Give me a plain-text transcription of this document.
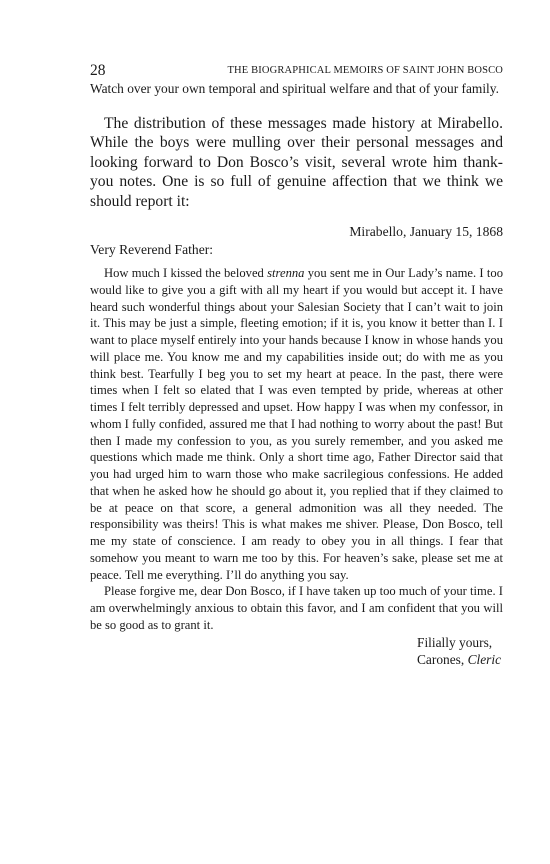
28	THE BIOGRAPHICAL MEMOIRS OF SAINT JOHN BOSCO

Watch over your own temporal and spiritual welfare and that of your family.

The distribution of these messages made history at Mirabello. While the boys were mulling over their personal messages and looking forward to Don Bosco’s visit, several wrote him thank-you notes. One is so full of genuine affection that we think we should report it:

Mirabello, January 15, 1868

Very Reverend Father:

How much I kissed the beloved strenna you sent me in Our Lady’s name. I too would like to give you a gift with all my heart if you would but accept it. I have heard such wonderful things about your Salesian Society that I can’t wait to join it. This may be just a simple, fleeting emotion; if it is, you know it better than I. I want to place myself entirely into your hands because I know in whose hands you will place me. You know me and my capabilities inside out; do with me as you think best. Tearfully I beg you to set my heart at peace. In the past, there were times when I felt so elated that I was even tempted by pride, whereas at other times I felt terribly depressed and upset. How happy I was when my confessor, in whom I fully confided, assured me that I had nothing to worry about the past! But then I made my confession to you, as you surely remember, and you asked me questions which made me think. Only a short time ago, Father Director said that you had urged him to warn those who make sacrilegious confessions. He added that when he asked how he should go about it, you replied that if they claimed to be at peace on that score, a general admonition was all they needed. The responsibility was theirs! This is what makes me shiver. Please, Don Bosco, tell me my state of conscience. I am ready to obey you in all things. I fear that somehow you meant to warn me too by this. For heaven’s sake, please set me at peace. Tell me everything. I’ll do anything you say.

Please forgive me, dear Don Bosco, if I have taken up too much of your time. I am overwhelmingly anxious to obtain this favor, and I am confident that you will be so good as to grant it.

Filially yours,

Carones, Cleric
